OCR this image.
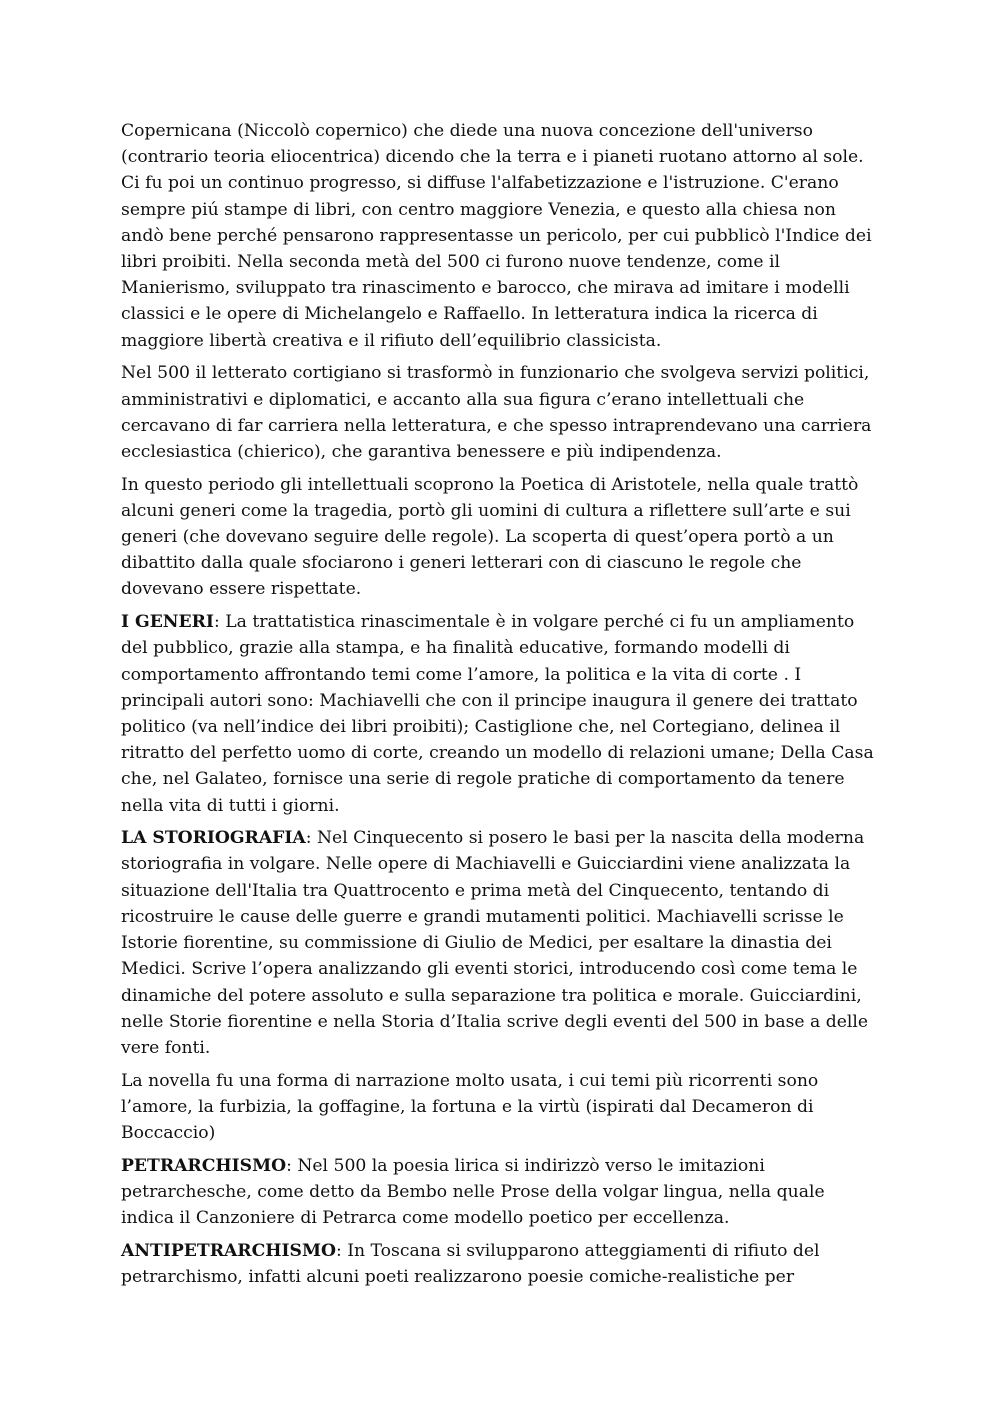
Copernicana (Niccolò copernico) che diede una nuova concezione dell'universo (contrario teoria eliocentrica) dicendo che la terra e i pianeti ruotano attorno al sole. Ci fu poi un continuo progresso, si diffuse l'alfabetizzazione e l'istruzione. C'erano sempre piú stampe di libri, con centro maggiore Venezia, e questo alla chiesa non andò bene perché pensarono rappresentasse un pericolo, per cui pubblicò l'Indice dei libri proibiti. Nella seconda metà del 500 ci furono nuove tendenze, come il Manierismo, sviluppato tra rinascimento e barocco, che mirava ad imitare i modelli classici e le opere di Michelangelo e Raffaello. In letteratura indica la ricerca di maggiore libertà creativa e il rifiuto dell’equilibrio classicista.

Nel 500 il letterato cortigiano si trasformò in funzionario che svolgeva servizi politici, amministrativi e diplomatici, e accanto alla sua figura c’erano intellettuali che cercavano di far carriera nella letteratura, e che spesso intraprendevano una carriera ecclesiastica (chierico), che garantiva benessere e più indipendenza.

In questo periodo gli intellettuali scoprono la Poetica di Aristotele, nella quale trattò alcuni generi come la tragedia, portò gli uomini di cultura a riflettere sull’arte e sui generi (che dovevano seguire delle regole). La scoperta di quest’opera portò a un dibattito dalla quale sfociarono i generi letterari con di ciascuno le regole che dovevano essere rispettate.

I GENERI: La trattatistica rinascimentale è in volgare perché ci fu un ampliamento del pubblico, grazie alla stampa, e ha finalità educative, formando modelli di comportamento affrontando temi come l’amore, la politica e la vita di corte . I principali autori sono: Machiavelli che con il principe inaugura il genere dei trattato politico (va nell’indice dei libri proibiti); Castiglione che, nel Cortegiano, delinea il ritratto del perfetto uomo di corte, creando un modello di relazioni umane; Della Casa che, nel Galateo, fornisce una serie di regole pratiche di comportamento da tenere nella vita di tutti i giorni.

LA STORIOGRAFIA: Nel Cinquecento si posero le basi per la nascita della moderna storiografia in volgare. Nelle opere di Machiavelli e Guicciardini viene analizzata la situazione dell'Italia tra Quattrocento e prima metà del Cinquecento, tentando di ricostruire le cause delle guerre e grandi mutamenti politici. Machiavelli scrisse le Istorie fiorentine, su commissione di Giulio de Medici, per esaltare la dinastia dei Medici. Scrive l’opera analizzando gli eventi storici, introducendo così come tema le dinamiche del potere assoluto e sulla separazione tra politica e morale. Guicciardini, nelle Storie fiorentine e nella Storia d’Italia scrive degli eventi del 500 in base a delle vere fonti.

La novella fu una forma di narrazione molto usata, i cui temi più ricorrenti sono l’amore, la furbizia, la goffagine, la fortuna e la virtù (ispirati dal Decameron di Boccaccio)

PETRARCHISMO: Nel 500 la poesia lirica si indirizzò verso le imitazioni petrarchesche, come detto da Bembo nelle Prose della volgar lingua, nella quale indica il Canzoniere di Petrarca come modello poetico per eccellenza.

ANTIPETRARCHISMO: In Toscana si svilupparono atteggiamenti di rifiuto del petrarchismo, infatti alcuni poeti realizzarono poesie comiche-realistiche per
